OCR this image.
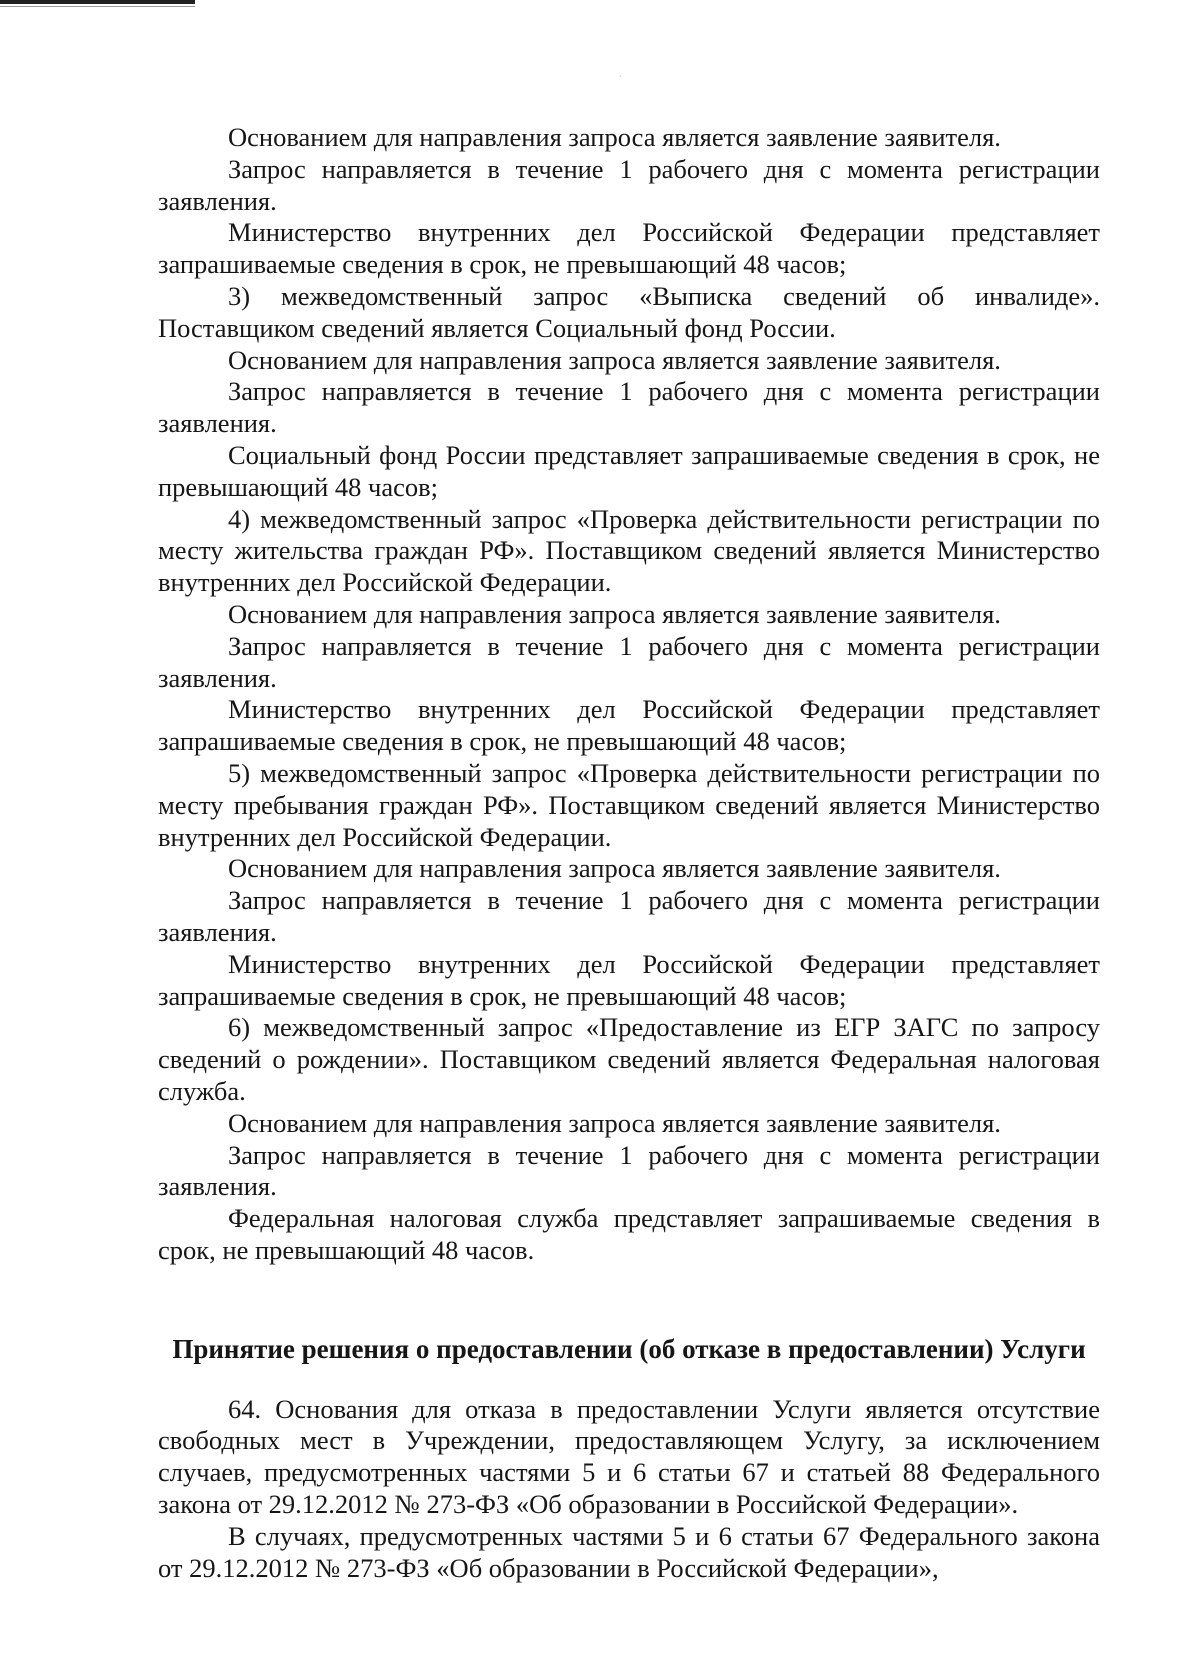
·

Основанием для направления запроса является заявление заявителя.

Запрос направляется в течение 1 рабочего дня с момента регистрации заявления.

Министерство внутренних дел Российской Федерации представляет запрашиваемые сведения в срок, не превышающий 48 часов;

3) межведомственный запрос «Выписка сведений об инвалиде». Поставщиком сведений является Социальный фонд России.

Основанием для направления запроса является заявление заявителя.

Запрос направляется в течение 1 рабочего дня с момента регистрации заявления.

Социальный фонд России представляет запрашиваемые сведения в срок, не превышающий 48 часов;

4) межведомственный запрос «Проверка действительности регистрации по месту жительства граждан РФ». Поставщиком сведений является Министерство внутренних дел Российской Федерации.

Основанием для направления запроса является заявление заявителя.

Запрос направляется в течение 1 рабочего дня с момента регистрации заявления.

Министерство внутренних дел Российской Федерации представляет запрашиваемые сведения в срок, не превышающий 48 часов;

5) межведомственный запрос «Проверка действительности регистрации по месту пребывания граждан РФ». Поставщиком сведений является Министерство внутренних дел Российской Федерации.

Основанием для направления запроса является заявление заявителя.

Запрос направляется в течение 1 рабочего дня с момента регистрации заявления.

Министерство внутренних дел Российской Федерации представляет запрашиваемые сведения в срок, не превышающий 48 часов;

6) межведомственный запрос «Предоставление из ЕГР ЗАГС по запросу сведений о рождении». Поставщиком сведений является Федеральная налоговая служба.

Основанием для направления запроса является заявление заявителя.

Запрос направляется в течение 1 рабочего дня с момента регистрации заявления.

Федеральная налоговая служба представляет запрашиваемые сведения в срок, не превышающий 48 часов.

Принятие решения о предоставлении (об отказе в предоставлении) Услуги

64. Основания для отказа в предоставлении Услуги является отсутствие свободных мест в Учреждении, предоставляющем Услугу, за исключением случаев, предусмотренных частями 5 и 6 статьи 67 и статьей 88 Федерального закона от 29.12.2012 № 273-ФЗ «Об образовании в Российской Федерации».

В случаях, предусмотренных частями 5 и 6 статьи 67 Федерального закона от 29.12.2012 № 273-ФЗ «Об образовании в Российской Федерации»,
